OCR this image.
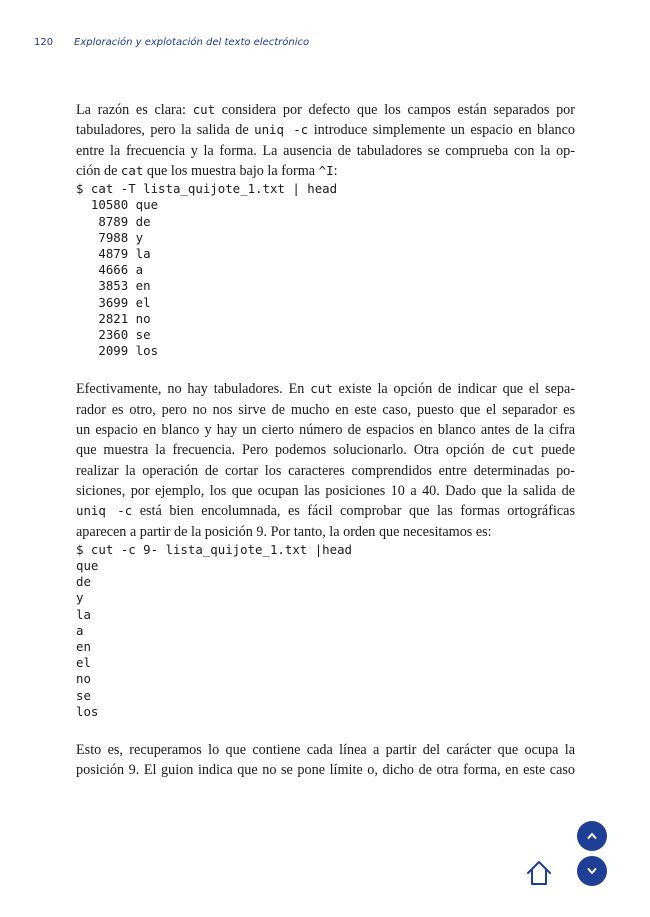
120 Exploración y explotación del texto electrónico

La razón es clara: cut considera por defecto que los campos están separados por
tabuladores, pero la salida de uniq -c introduce simplemente un espacio en blanco
entre la frecuencia y la forma. La ausencia de tabuladores se comprueba con la op-
ción de cat que los muestra bajo la forma ^I:

$ cat -T lista_quijote_1.txt | head
10580 que
8789 de
7988 y
4879 la
4666 a
3853 en
3699 el
2821 no
2360 se
2099 los

Efectivamente, no hay tabuladores. En cut existe la opción de indicar que el sepa-
rador es otro, pero no nos sirve de mucho en este caso, puesto que el separador es
un espacio en blanco y hay un cierto número de espacios en blanco antes de la cifra
que muestra la frecuencia. Pero podemos solucionarlo. Otra opción de cut puede
realizar la operación de cortar los caracteres comprendidos entre determinadas po-
siciones, por ejemplo, los que ocupan las posiciones 10 a 40. Dado que la salida de
uniq -c está bien encolumnada, es fácil comprobar que las formas ortográficas
aparecen a partir de la posición 9. Por tanto, la orden que necesitamos es:

$ cut -c 9- lista_quijote_1.txt |head
que
de
y
la
a
en
el
no
se
los

Esto es, recuperamos lo que contiene cada línea a partir del carácter que ocupa la
posición 9. El guion indica que no se pone límite o, dicho de otra forma, en este caso
